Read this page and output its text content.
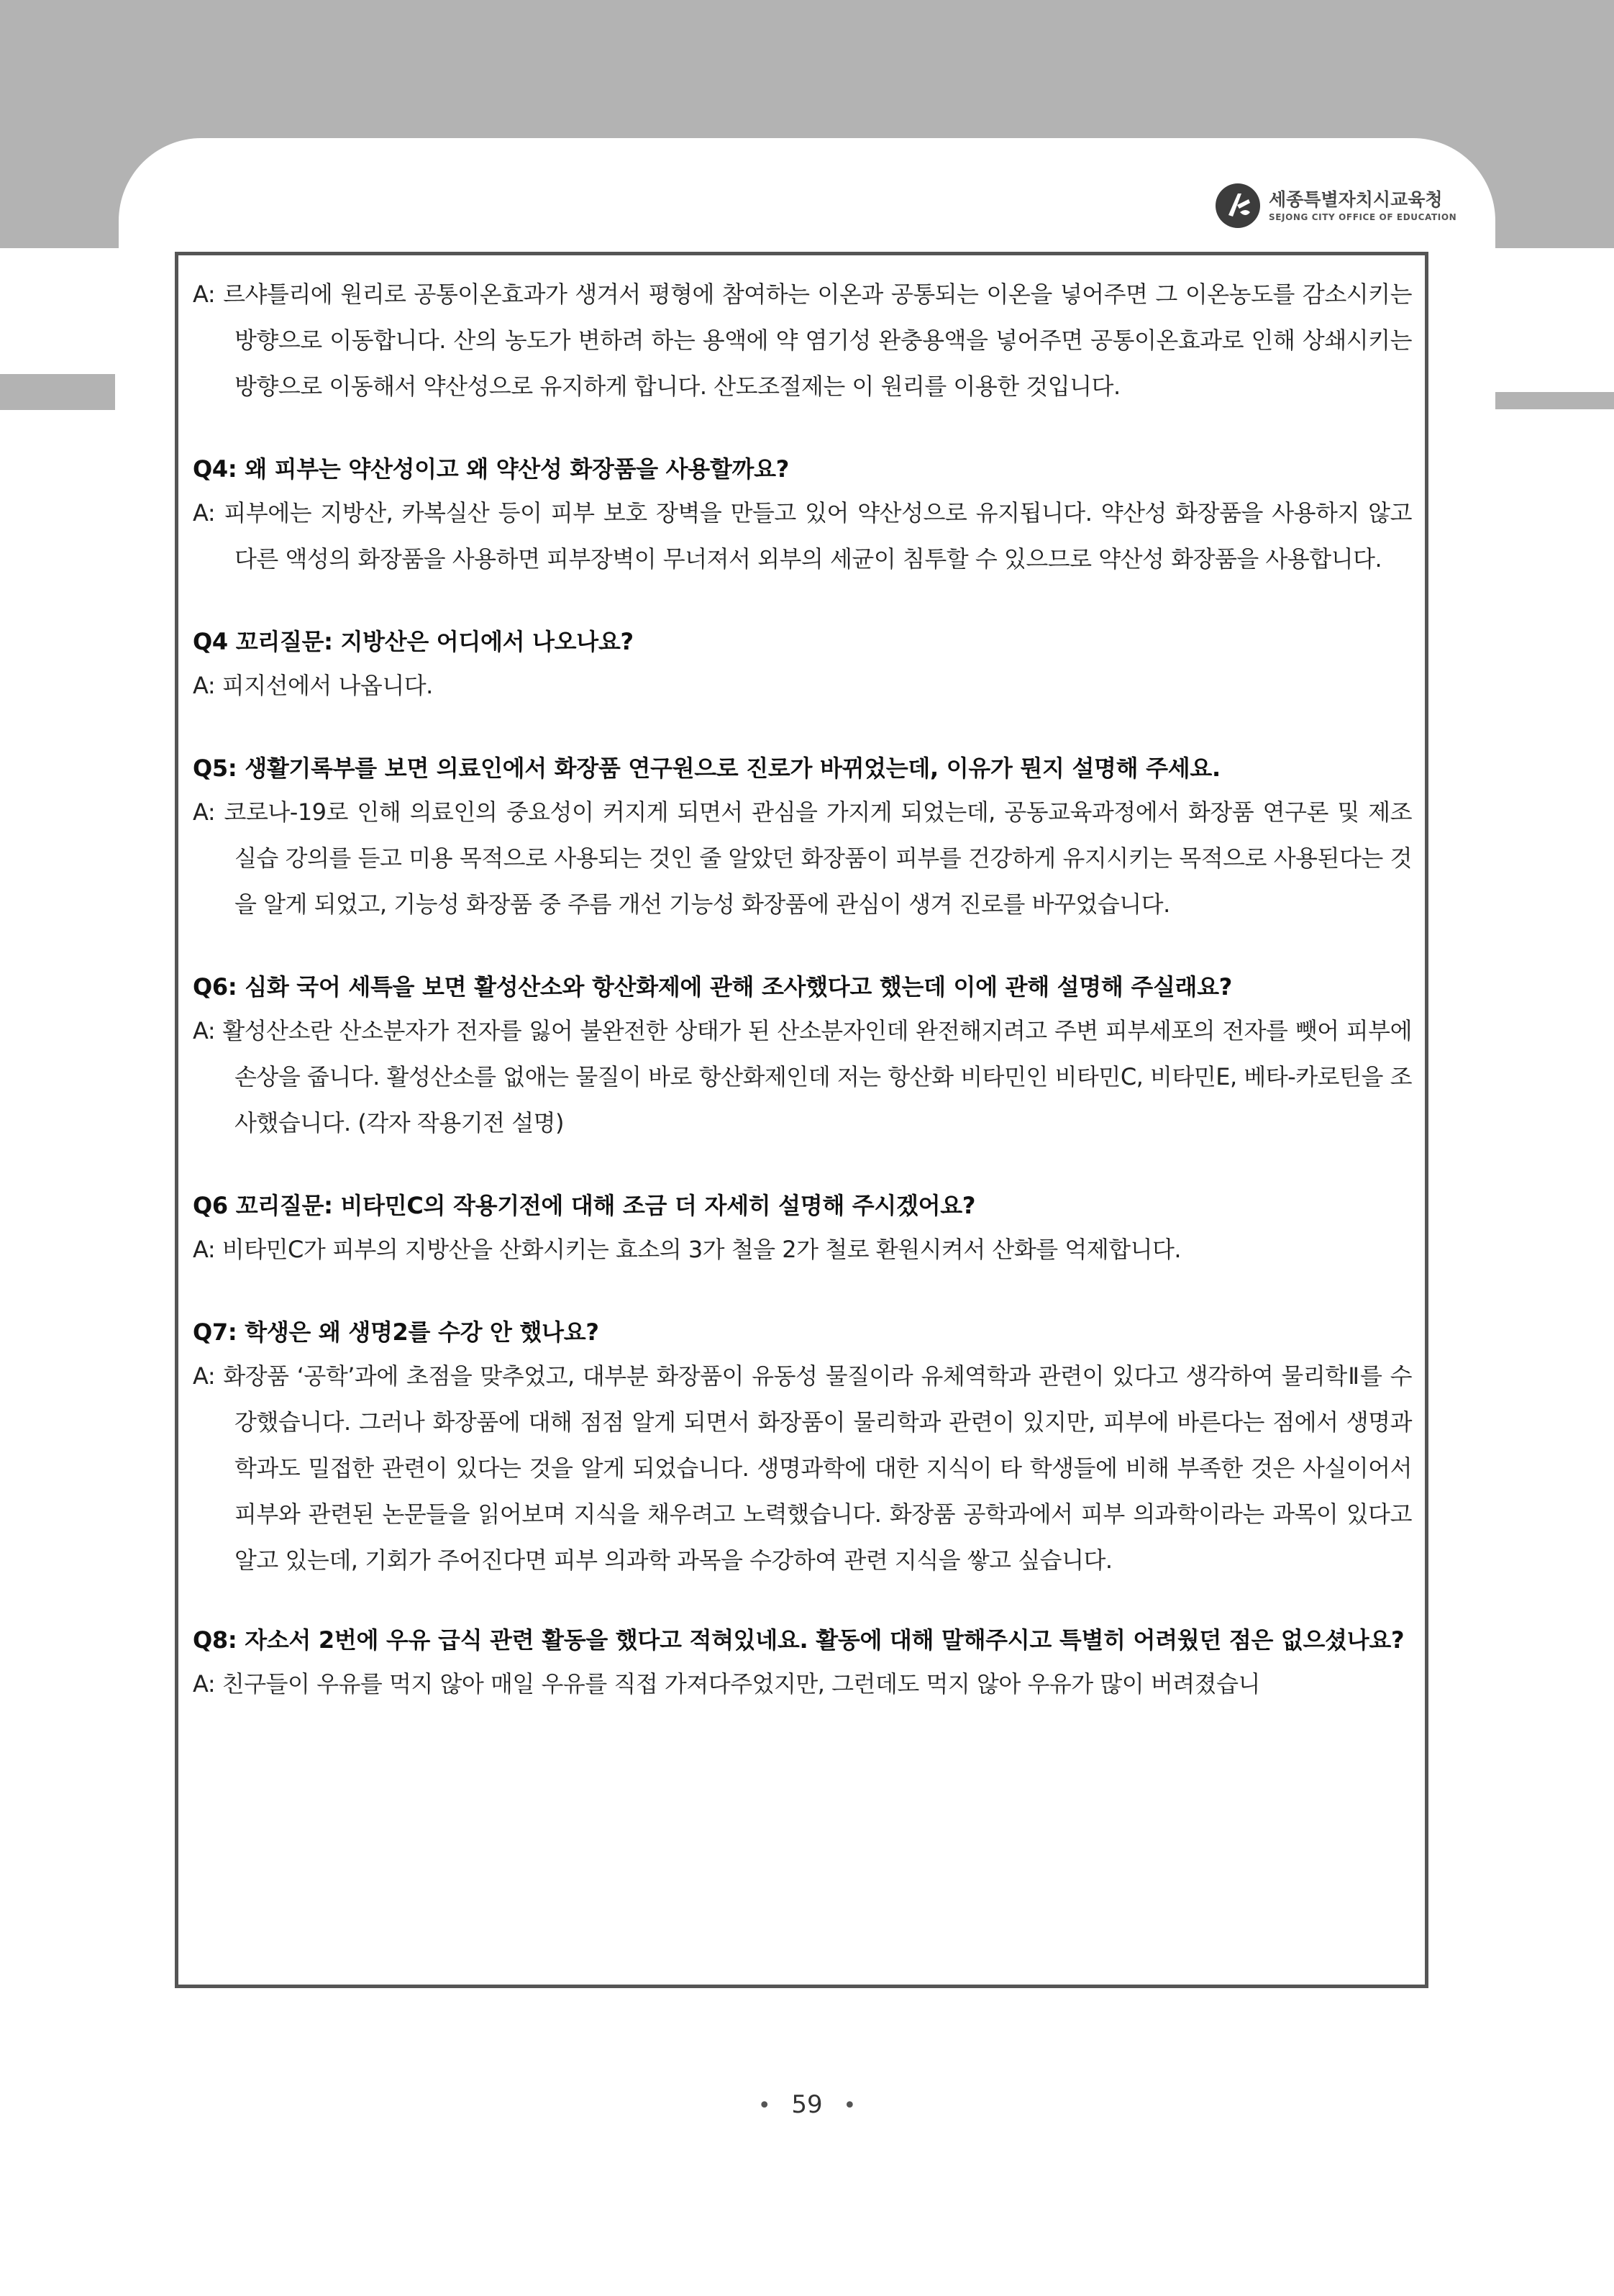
세종특별자치시교육청
SEJONG CITY OFFICE OF EDUCATION
A: 르샤틀리에 원리로 공통이온효과가 생겨서 평형에 참여하는 이온과 공통되는 이온을 넣어주면 그 이온농도를 감소시키는 방향으로 이동합니다. 산의 농도가 변하려 하는 용액에 약 염기성 완충용액을 넣어주면 공통이온효과로 인해 상쇄시키는 방향으로 이동해서 약산성으로 유지하게 합니다. 산도조절제는 이 원리를 이용한 것입니다.
Q4: 왜 피부는 약산성이고 왜 약산성 화장품을 사용할까요?
A: 피부에는 지방산, 카복실산 등이 피부 보호 장벽을 만들고 있어 약산성으로 유지됩니다. 약산성 화장품을 사용하지 않고 다른 액성의 화장품을 사용하면 피부장벽이 무너져서 외부의 세균이 침투할 수 있으므로 약산성 화장품을 사용합니다.
Q4 꼬리질문: 지방산은 어디에서 나오나요?
A: 피지선에서 나옵니다.
Q5: 생활기록부를 보면 의료인에서 화장품 연구원으로 진로가 바뀌었는데, 이유가 뭔지 설명해 주세요.
A: 코로나-19로 인해 의료인의 중요성이 커지게 되면서 관심을 가지게 되었는데, 공동교육과정에서 화장품 연구론 및 제조 실습 강의를 듣고 미용 목적으로 사용되는 것인 줄 알았던 화장품이 피부를 건강하게 유지시키는 목적으로 사용된다는 것을 알게 되었고, 기능성 화장품 중 주름 개선 기능성 화장품에 관심이 생겨 진로를 바꾸었습니다.
Q6: 심화 국어 세특을 보면 활성산소와 항산화제에 관해 조사했다고 했는데 이에 관해 설명해 주실래요?
A: 활성산소란 산소분자가 전자를 잃어 불완전한 상태가 된 산소분자인데 완전해지려고 주변 피부세포의 전자를 뺏어 피부에 손상을 줍니다. 활성산소를 없애는 물질이 바로 항산화제인데 저는 항산화 비타민인 비타민C, 비타민E, 베타-카로틴을 조사했습니다. (각자 작용기전 설명)
Q6 꼬리질문: 비타민C의 작용기전에 대해 조금 더 자세히 설명해 주시겠어요?
A: 비타민C가 피부의 지방산을 산화시키는 효소의 3가 철을 2가 철로 환원시켜서 산화를 억제합니다.
Q7: 학생은 왜 생명2를 수강 안 했나요?
A: 화장품 ‘공학’과에 초점을 맞추었고, 대부분 화장품이 유동성 물질이라 유체역학과 관련이 있다고 생각하여 물리학Ⅱ를 수강했습니다. 그러나 화장품에 대해 점점 알게 되면서 화장품이 물리학과 관련이 있지만, 피부에 바른다는 점에서 생명과학과도 밀접한 관련이 있다는 것을 알게 되었습니다. 생명과학에 대한 지식이 타 학생들에 비해 부족한 것은 사실이어서 피부와 관련된 논문들을 읽어보며 지식을 채우려고 노력했습니다. 화장품 공학과에서 피부 의과학이라는 과목이 있다고 알고 있는데, 기회가 주어진다면 피부 의과학 과목을 수강하여 관련 지식을 쌓고 싶습니다.
Q8: 자소서 2번에 우유 급식 관련 활동을 했다고 적혀있네요. 활동에 대해 말해주시고 특별히 어려웠던 점은 없으셨나요?
A: 친구들이 우유를 먹지 않아 매일 우유를 직접 가져다주었지만, 그런데도 먹지 않아 우유가 많이 버려졌습니
• 59 •
